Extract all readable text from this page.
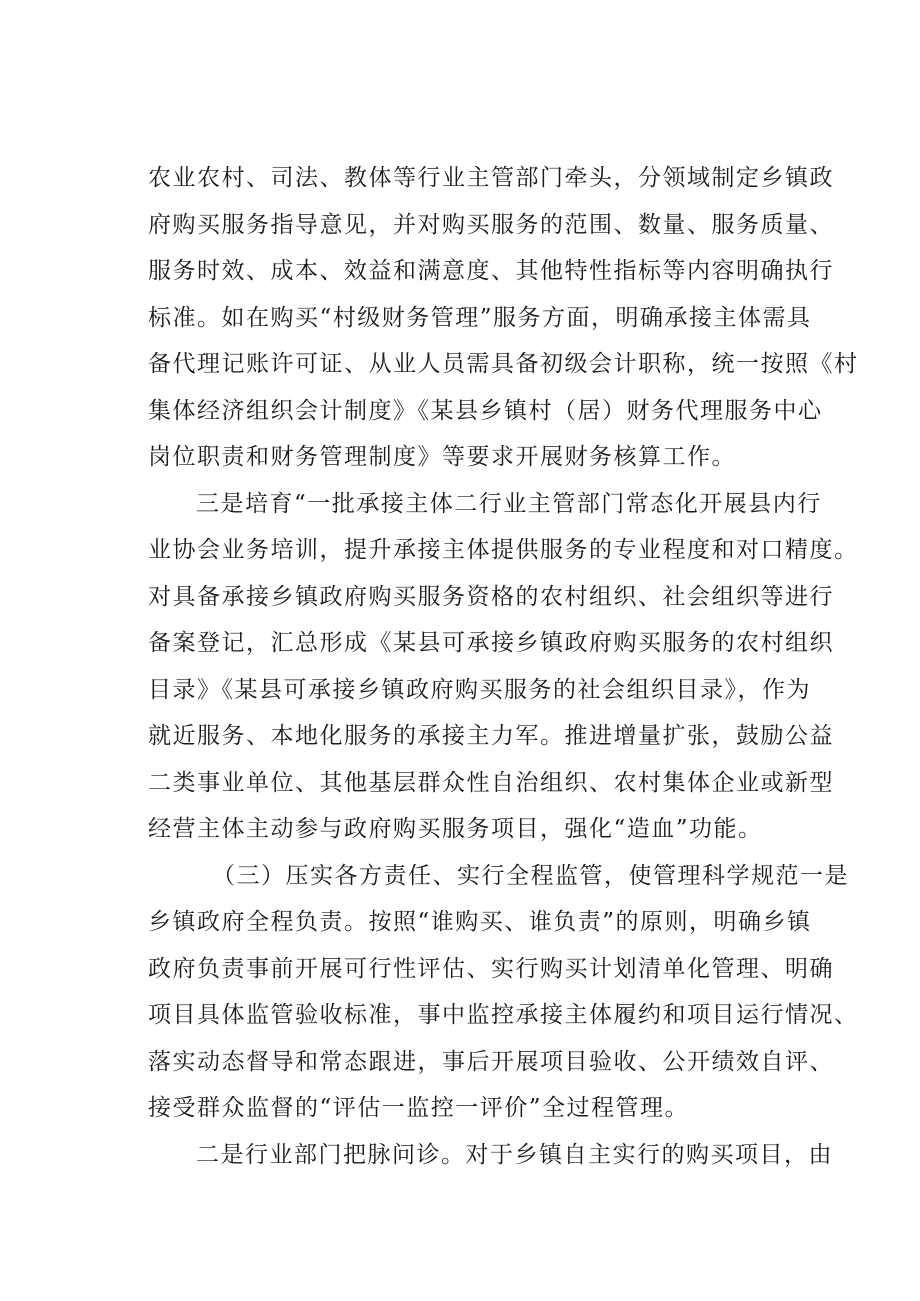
农业农村、司法、教体等行业主管部门牵头，分领域制定乡镇政
府购买服务指导意见，并对购买服务的范围、数量、服务质量、
服务时效、成本、效益和满意度、其他特性指标等内容明确执行
标准。如在购买“村级财务管理”服务方面，明确承接主体需具
备代理记账许可证、从业人员需具备初级会计职称，统一按照《村
集体经济组织会计制度》《某县乡镇村（居）财务代理服务中心
岗位职责和财务管理制度》等要求开展财务核算工作。
三是培育“一批承接主体二行业主管部门常态化开展县内行
业协会业务培训，提升承接主体提供服务的专业程度和对口精度。
对具备承接乡镇政府购买服务资格的农村组织、社会组织等进行
备案登记，汇总形成《某县可承接乡镇政府购买服务的农村组织
目录》《某县可承接乡镇政府购买服务的社会组织目录》，作为
就近服务、本地化服务的承接主力军。推进增量扩张，鼓励公益
二类事业单位、其他基层群众性自治组织、农村集体企业或新型
经营主体主动参与政府购买服务项目，强化“造血”功能。
（三）压实各方责任、实行全程监管，使管理科学规范一是
乡镇政府全程负责。按照“谁购买、谁负责”的原则，明确乡镇
政府负责事前开展可行性评估、实行购买计划清单化管理、明确
项目具体监管验收标准，事中监控承接主体履约和项目运行情况、
落实动态督导和常态跟进，事后开展项目验收、公开绩效自评、
接受群众监督的“评估一监控一评价”全过程管理。
二是行业部门把脉问诊。对于乡镇自主实行的购买项目，由
